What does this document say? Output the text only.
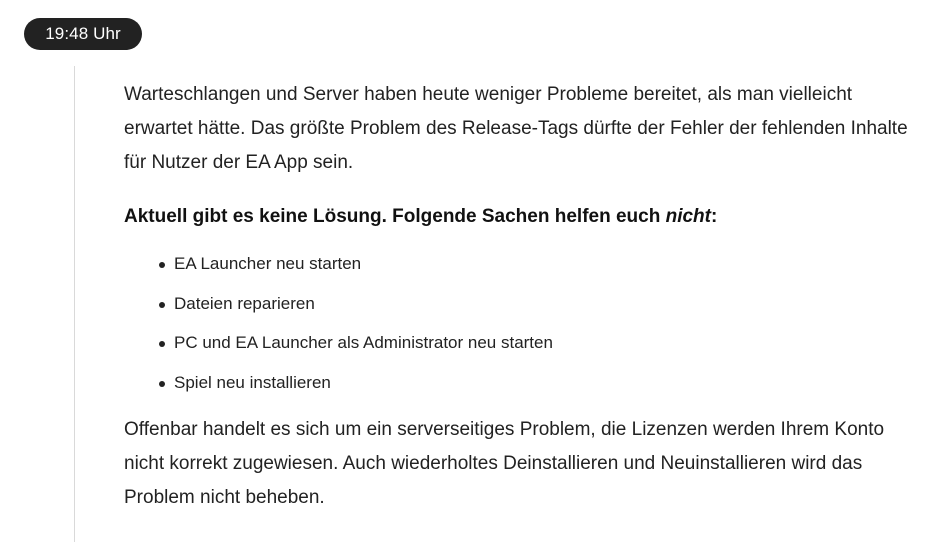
19:48 Uhr

Warteschlangen und Server haben heute weniger Probleme bereitet, als man vielleicht
erwartet hätte. Das größte Problem des Release-Tags dürfte der Fehler der fehlenden Inhalte
für Nutzer der EA App sein.

Aktuell gibt es keine Lösung. Folgende Sachen helfen euch nicht:

EA Launcher neu starten
Dateien reparieren
PC und EA Launcher als Administrator neu starten
Spiel neu installieren

Offenbar handelt es sich um ein serverseitiges Problem, die Lizenzen werden Ihrem Konto
nicht korrekt zugewiesen. Auch wiederholtes Deinstallieren und Neuinstallieren wird das
Problem nicht beheben.
